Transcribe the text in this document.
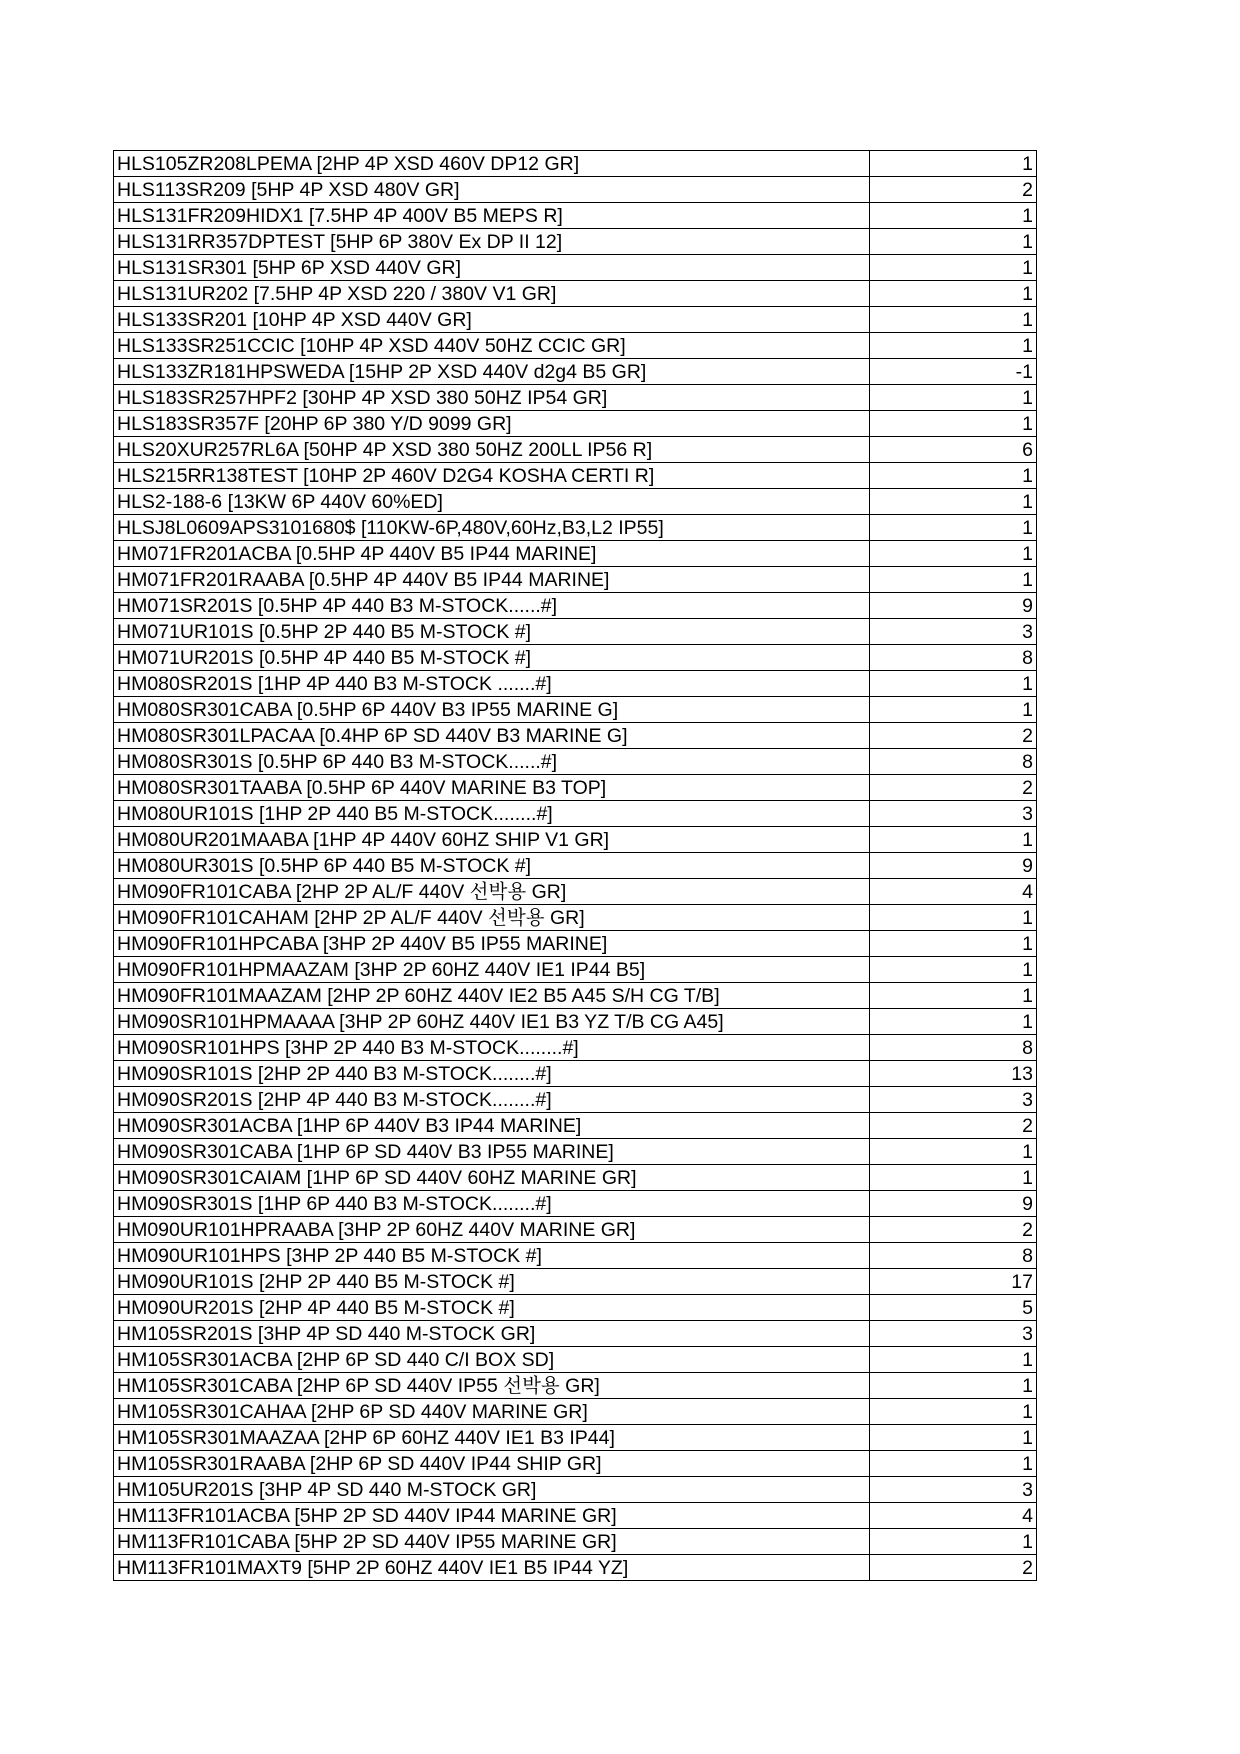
HLS105ZR208LPEMA [2HP 4P XSD 460V DP12 GR]	1
HLS113SR209 [5HP 4P XSD 480V GR]	2
HLS131FR209HIDX1 [7.5HP 4P 400V B5 MEPS R]	1
HLS131RR357DPTEST [5HP 6P 380V Ex DP II 12]	1
HLS131SR301 [5HP 6P XSD 440V GR]	1
HLS131UR202 [7.5HP 4P XSD 220 / 380V V1 GR]	1
HLS133SR201 [10HP 4P XSD 440V GR]	1
HLS133SR251CCIC [10HP 4P XSD 440V 50HZ CCIC GR]	1
HLS133ZR181HPSWEDA [15HP 2P XSD 440V d2g4 B5 GR]	-1
HLS183SR257HPF2 [30HP 4P XSD 380 50HZ IP54 GR]	1
HLS183SR357F [20HP 6P 380 Y/D 9099 GR]	1
HLS20XUR257RL6A [50HP 4P XSD 380 50HZ 200LL IP56 R]	6
HLS215RR138TEST [10HP 2P 460V D2G4 KOSHA CERTI R]	1
HLS2-188-6 [13KW 6P 440V 60%ED]	1
HLSJ8L0609APS3101680$ [110KW-6P,480V,60Hz,B3,L2 IP55]	1
HM071FR201ACBA [0.5HP 4P 440V B5 IP44 MARINE]	1
HM071FR201RAABA [0.5HP 4P 440V B5 IP44 MARINE]	1
HM071SR201S [0.5HP 4P 440 B3 M-STOCK......#]	9
HM071UR101S [0.5HP 2P 440 B5 M-STOCK #]	3
HM071UR201S [0.5HP 4P 440 B5 M-STOCK #]	8
HM080SR201S [1HP 4P 440 B3 M-STOCK .......#]	1
HM080SR301CABA [0.5HP 6P 440V B3 IP55 MARINE G]	1
HM080SR301LPACAA [0.4HP 6P SD 440V B3 MARINE G]	2
HM080SR301S [0.5HP 6P 440 B3 M-STOCK......#]	8
HM080SR301TAABA [0.5HP 6P 440V MARINE B3 TOP]	2
HM080UR101S [1HP 2P 440 B5 M-STOCK........#]	3
HM080UR201MAABA [1HP 4P 440V 60HZ SHIP V1 GR]	1
HM080UR301S [0.5HP 6P 440 B5 M-STOCK #]	9
HM090FR101CABA [2HP 2P AL/F 440V 선박용 GR]	4
HM090FR101CAHAM [2HP 2P AL/F 440V 선박용 GR]	1
HM090FR101HPCABA [3HP 2P 440V B5 IP55 MARINE]	1
HM090FR101HPMAAZAM [3HP 2P 60HZ 440V IE1 IP44 B5]	1
HM090FR101MAAZAM [2HP 2P 60HZ 440V IE2 B5 A45 S/H CG T/B]	1
HM090SR101HPMAAAA [3HP 2P 60HZ 440V IE1 B3 YZ T/B CG A45]	1
HM090SR101HPS [3HP 2P 440 B3 M-STOCK........#]	8
HM090SR101S [2HP 2P 440 B3 M-STOCK........#]	13
HM090SR201S [2HP 4P 440 B3 M-STOCK........#]	3
HM090SR301ACBA [1HP 6P 440V B3 IP44 MARINE]	2
HM090SR301CABA [1HP 6P SD 440V B3 IP55 MARINE]	1
HM090SR301CAIAM [1HP 6P SD 440V 60HZ MARINE GR]	1
HM090SR301S [1HP 6P 440 B3 M-STOCK........#]	9
HM090UR101HPRAABA [3HP 2P 60HZ 440V MARINE GR]	2
HM090UR101HPS [3HP 2P 440 B5 M-STOCK #]	8
HM090UR101S [2HP 2P 440 B5 M-STOCK #]	17
HM090UR201S [2HP 4P 440 B5 M-STOCK #]	5
HM105SR201S [3HP 4P SD 440 M-STOCK GR]	3
HM105SR301ACBA [2HP 6P SD 440 C/I BOX SD]	1
HM105SR301CABA [2HP 6P SD 440V IP55 선박용 GR]	1
HM105SR301CAHAA [2HP 6P SD 440V MARINE GR]	1
HM105SR301MAAZAA [2HP 6P 60HZ 440V IE1 B3 IP44]	1
HM105SR301RAABA [2HP 6P SD 440V IP44 SHIP GR]	1
HM105UR201S [3HP 4P SD 440 M-STOCK GR]	3
HM113FR101ACBA [5HP 2P SD 440V IP44 MARINE GR]	4
HM113FR101CABA [5HP 2P SD 440V IP55 MARINE GR]	1
HM113FR101MAXT9 [5HP 2P 60HZ 440V IE1 B5 IP44 YZ]	2
